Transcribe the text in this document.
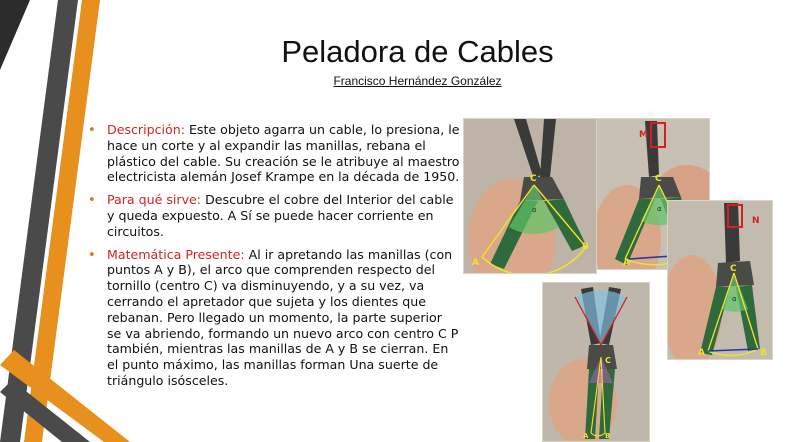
Peladora de Cables
Francisco Hernández González
• Descripción: Este objeto agarra un cable, lo presiona, le hace un corte y al expandir las manillas, rebana el plástico del cable. Su creación se le atribuye al maestro electricista alemán Josef Krampe en la década de 1950.
• Para qué sirve: Descubre el cobre del Interior del cable y queda expuesto. A Sí se puede hacer corriente en circuitos.
• Matemática Presente: Al ir apretando las manillas (con puntos A y B), el arco que comprenden respecto del tornillo (centro C) va disminuyendo, y a su vez, va cerrando el apretador que sujeta y los dientes que rebanan. Pero llegado un momento, la parte superior se va abriendo, formando un nuevo arco con centro C P también, mientras las manillas de A y B se cierran. En el punto máximo, las manillas forman Una suerte de triángulo isósceles.
C
α
A
B
M
C
α
A
N
C
α
A	B
C
A B
